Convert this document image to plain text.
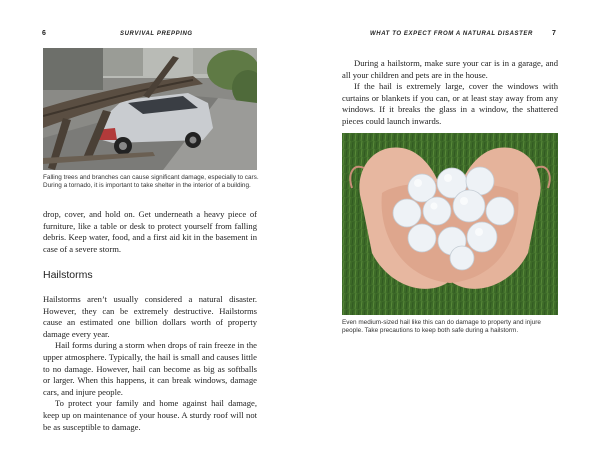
6	SURVIVAL PREPPING
Falling trees and branches can cause significant damage, especially to cars. During a tornado, it is important to take shelter in the interior of a building.

drop, cover, and hold on. Get underneath a heavy piece of furniture, like a table or desk to protect yourself from falling debris. Keep water, food, and a first aid kit in the basement in case of a severe storm.

Hailstorms

Hailstorms aren’t usually considered a natural disaster. However, they can be extremely destructive. Hailstorms cause an estimated one billion dollars worth of property damage every year.

Hail forms during a storm when drops of rain freeze in the upper atmosphere. Typically, the hail is small and causes little to no damage. However, hail can become as big as softballs or larger. When this happens, it can break windows, damage cars, and injure people.

To protect your family and home against hail damage, keep up on maintenance of your house. A sturdy roof will not be as susceptible to damage.

WHAT TO EXPECT FROM A NATURAL DISASTER	7

During a hailstorm, make sure your car is in a garage, and all your children and pets are in the house.

If the hail is extremely large, cover the windows with curtains or blankets if you can, or at least stay away from any windows. If it breaks the glass in a window, the shattered pieces could launch inwards.

Even medium-sized hail like this can do damage to property and injure people. Take precautions to keep both safe during a hailstorm.
